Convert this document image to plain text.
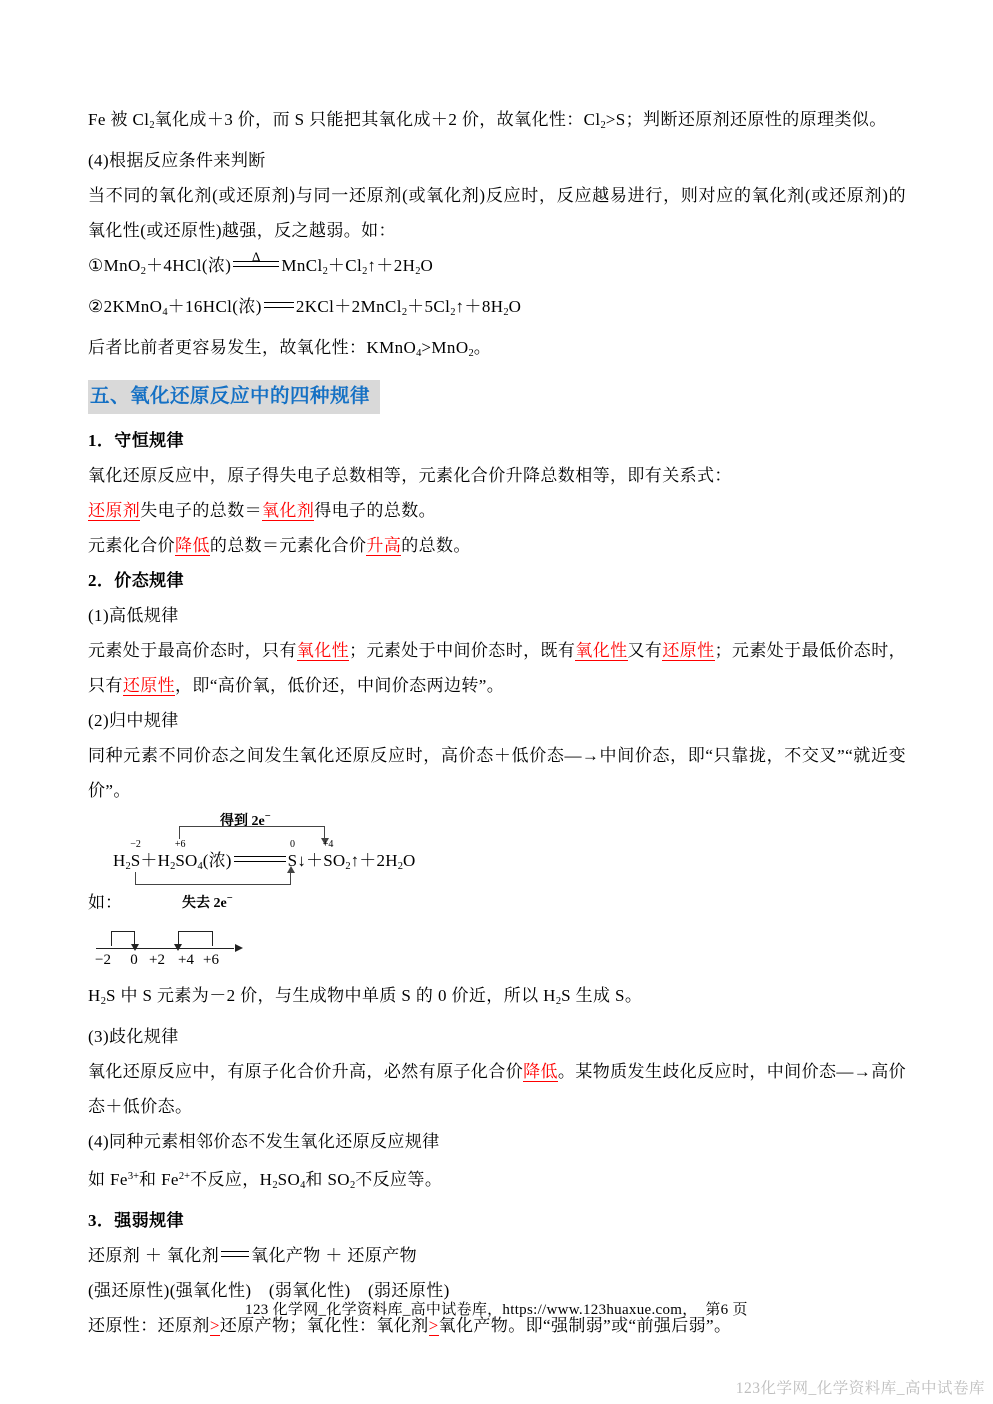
Fe 被 $Cl_2$氧化成＋3 价，而 S 只能把其氧化成＋2 价，故氧化性：$Cl_2>S$；判断还原剂还原性的原理类似。
(4)根据反应条件来判断
当不同的氧化剂(或还原剂)与同一还原剂(或氧化剂)反应时，反应越易进行，则对应的氧化剂(或还原剂)的氧化性(或还原性)越强，反之越弱。如：
①MnO$_2$＋4HCl(浓) Δ $MnCl_2+Cl_2↑+2H_2O$
②2KMnO$_4$＋16HCl(浓) $2KCl+2MnCl_2+5Cl_2↑+8H_2O$
后者比前者更容易发生，故氧化性：KMnO$_4$>MnO$_2$。
五、氧化还原反应中的四种规律
1．守恒规律
氧化还原反应中，原子得失电子总数相等，元素化合价升降总数相等，即有关系式：
还原剂失电子的总数＝氧化剂得电子的总数。
元素化合价降低的总数＝元素化合价升高的总数。
2．价态规律
(1)高低规律
元素处于最高价态时，只有氧化性；元素处于中间价态时，既有氧化性又有还原性；元素处于最低价态时，只有还原性，即“高价氧，低价还，中间价态两边转”。
(2)归中规律
同种元素不同价态之间发生氧化还原反应时，高价态＋低价态—→中间价态，即“只靠拢，不交叉”“就近变价”。
得到 2e−
$H_2S$
−2
$+H_2S$
+6
$O_4$(浓)	S
0
↓＋S
+4
$O_2↑+2H_2O$
失去 2e−
如：
−2 0 +2 +4 +6
$H_2S$ 中 S 元素为－2 价，与生成物中单质 S 的 0 价近，所以 $H_2S$ 生成 S。
(3)歧化规律
氧化还原反应中，有原子化合价升高，必然有原子化合价降低。某物质发生歧化反应时，中间价态—→高价态＋低价态。
(4)同种元素相邻价态不发生氧化还原反应规律
如 $Fe^{3+}$和 $Fe^{2+}$不反应，$H_2SO_4$和 $SO_2$不反应等。
3．强弱规律
还原剂 ＋ 氧化剂 氧化产物 ＋ 还原产物
(强还原性)(强氧化性)　(弱氧化性)　(弱还原性)
还原性：还原剂>还原产物；氧化性：氧化剂>氧化产物。即“强制弱”或“前强后弱”。
123 化学网_化学资料库_高中试卷库，https://www.123huaxue.com，　第6 页
123化学网_化学资料库_高中试卷库
